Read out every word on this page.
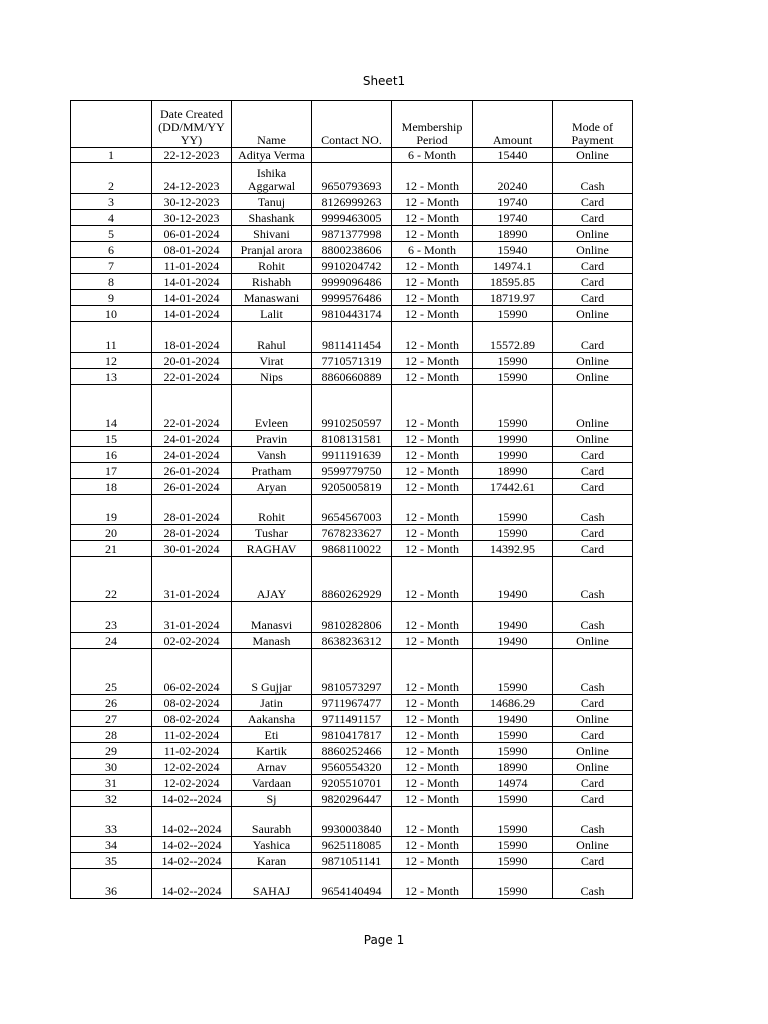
Sheet1
	Date Created(DD/MM/YYYY)	Name	Contact NO.	Membership Period	Amount	Mode of Payment
1	22-12-2023	Aditya Verma		6 - Month	15440	Online
2	24-12-2023	Ishika Aggarwal	9650793693	12 - Month	20240	Cash
3	30-12-2023	Tanuj	8126999263	12 - Month	19740	Card
4	30-12-2023	Shashank	9999463005	12 - Month	19740	Card
5	06-01-2024	Shivani	9871377998	12 - Month	18990	Online
6	08-01-2024	Pranjal arora	8800238606	6 - Month	15940	Online
7	11-01-2024	Rohit	9910204742	12 - Month	14974.1	Card
8	14-01-2024	Rishabh	9999096486	12 - Month	18595.85	Card
9	14-01-2024	Manaswani	9999576486	12 - Month	18719.97	Card
10	14-01-2024	Lalit	9810443174	12 - Month	15990	Online
11	18-01-2024	Rahul	9811411454	12 - Month	15572.89	Card
12	20-01-2024	Virat	7710571319	12 - Month	15990	Online
13	22-01-2024	Nips	8860660889	12 - Month	15990	Online
14	22-01-2024	Evleen	9910250597	12 - Month	15990	Online
15	24-01-2024	Pravin	8108131581	12 - Month	19990	Online
16	24-01-2024	Vansh	9911191639	12 - Month	19990	Card
17	26-01-2024	Pratham	9599779750	12 - Month	18990	Card
18	26-01-2024	Aryan	9205005819	12 - Month	17442.61	Card
19	28-01-2024	Rohit	9654567003	12 - Month	15990	Cash
20	28-01-2024	Tushar	7678233627	12 - Month	15990	Card
21	30-01-2024	RAGHAV	9868110022	12 - Month	14392.95	Card
22	31-01-2024	AJAY	8860262929	12 - Month	19490	Cash
23	31-01-2024	Manasvi	9810282806	12 - Month	19490	Cash
24	02-02-2024	Manash	8638236312	12 - Month	19490	Online
25	06-02-2024	S Gujjar	9810573297	12 - Month	15990	Cash
26	08-02-2024	Jatin	9711967477	12 - Month	14686.29	Card
27	08-02-2024	Aakansha	9711491157	12 - Month	19490	Online
28	11-02-2024	Eti	9810417817	12 - Month	15990	Card
29	11-02-2024	Kartik	8860252466	12 - Month	15990	Online
30	12-02-2024	Arnav	9560554320	12 - Month	18990	Online
31	12-02-2024	Vardaan	9205510701	12 - Month	14974	Card
32	14-02--2024	Sj	9820296447	12 - Month	15990	Card
33	14-02--2024	Saurabh	9930003840	12 - Month	15990	Cash
34	14-02--2024	Yashica	9625118085	12 - Month	15990	Online
35	14-02--2024	Karan	9871051141	12 - Month	15990	Card
36	14-02--2024	SAHAJ	9654140494	12 - Month	15990	Cash
Page 1
